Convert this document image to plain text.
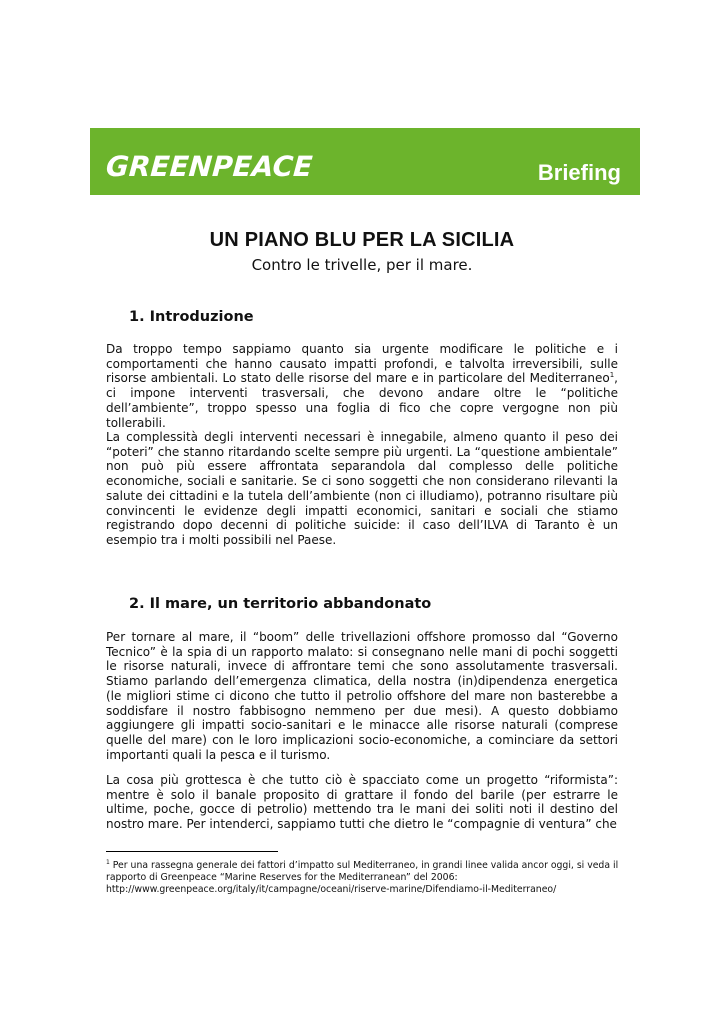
GREENPEACE	Briefing
UN PIANO BLU PER LA SICILIA
Contro le trivelle, per il mare.
1. Introduzione

Da troppo tempo sappiamo quanto sia urgente modificare le politiche e i comportamenti che hanno causato impatti profondi, e talvolta irreversibili, sulle risorse ambientali. Lo stato delle risorse del mare e in particolare del Mediterraneo$^1$, ci impone interventi trasversali, che devono andare oltre le “politiche dell’ambiente”, troppo spesso una foglia di fico che copre vergogne non più tollerabili.

La complessità degli interventi necessari è innegabile, almeno quanto il peso dei “poteri” che stanno ritardando scelte sempre più urgenti. La “questione ambientale” non può più essere affrontata separandola dal complesso delle politiche economiche, sociali e sanitarie. Se ci sono soggetti che non considerano rilevanti la salute dei cittadini e la tutela dell’ambiente (non ci illudiamo), potranno risultare più convincenti le evidenze degli impatti economici, sanitari e sociali che stiamo registrando dopo decenni di politiche suicide: il caso dell’ILVA di Taranto è un esempio tra i molti possibili nel Paese.

2. Il mare, un territorio abbandonato

Per tornare al mare, il “boom” delle trivellazioni offshore promosso dal “Governo Tecnico” è la spia di un rapporto malato: si consegnano nelle mani di pochi soggetti le risorse naturali, invece di affrontare temi che sono assolutamente trasversali. Stiamo parlando dell’emergenza climatica, della nostra (in)dipendenza energetica (le migliori stime ci dicono che tutto il petrolio offshore del mare non basterebbe a soddisfare il nostro fabbisogno nemmeno per due mesi). A questo dobbiamo aggiungere gli impatti socio-sanitari e le minacce alle risorse naturali (comprese quelle del mare) con le loro implicazioni socio-economiche, a cominciare da settori importanti quali la pesca e il turismo.

La cosa più grottesca è che tutto ciò è spacciato come un progetto “riformista”: mentre è solo il banale proposito di grattare il fondo del barile (per estrarre le ultime, poche, gocce di petrolio) mettendo tra le mani dei soliti noti il destino del nostro mare. Per intenderci, sappiamo tutti che dietro le “compagnie di ventura” che

$^1$ Per una rassegna generale dei fattori d’impatto sul Mediterraneo, in grandi linee valida ancor oggi, si veda il rapporto di Greenpeace “Marine Reserves for the Mediterranean” del 2006:
http://www.greenpeace.org/italy/it/campagne/oceani/riserve-marine/Difendiamo-il-Mediterraneo/
